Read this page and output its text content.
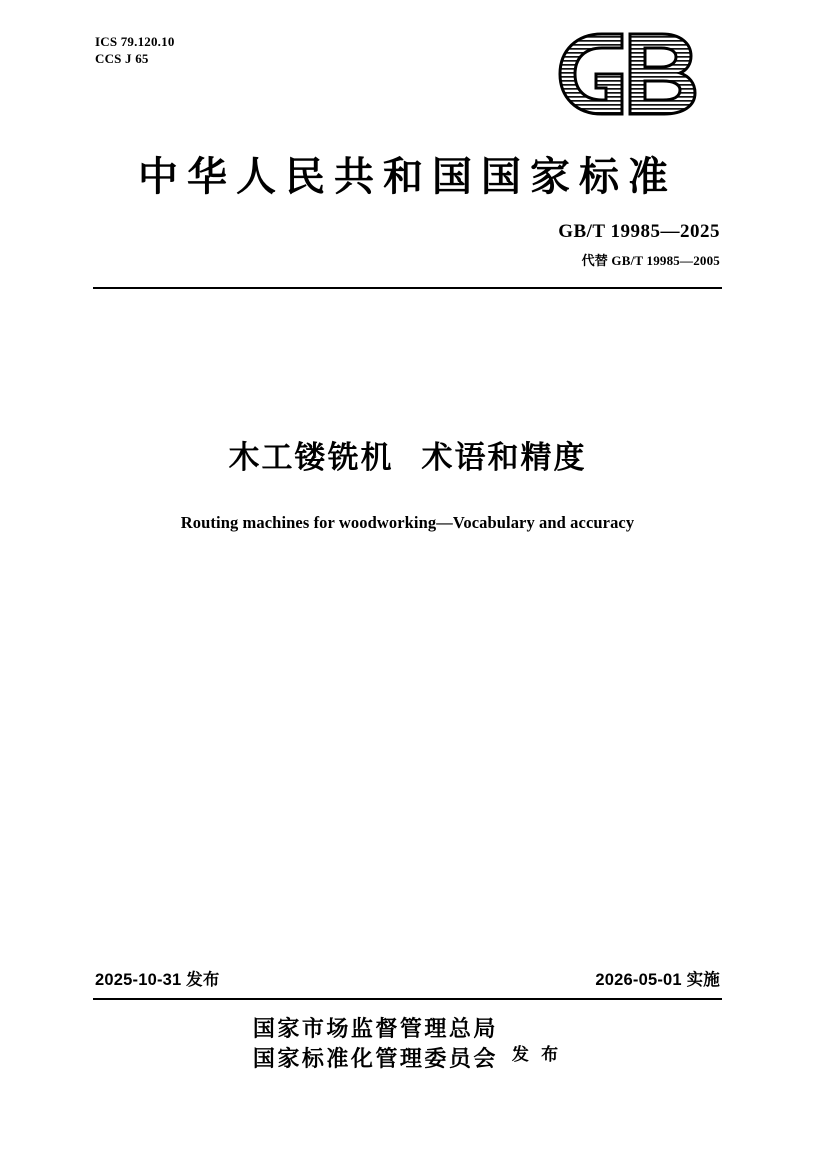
ICS 79.120.10
CCS J 65
中华人民共和国国家标准
GB/T 19985—2025
代替 GB/T 19985—2005
木工镂铣机 术语和精度
Routing machines for woodworking—Vocabulary and accuracy
2025-10-31 发布	2026-05-01 实施
国家市场监督管理总局
国家标准化管理委员会 发 布
